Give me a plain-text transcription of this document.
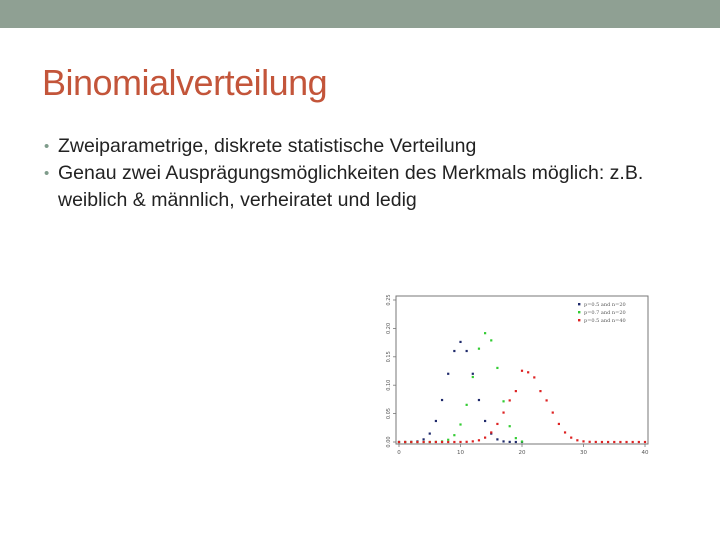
Binomialverteilung
• Zweiparametrige, diskrete statistische Verteilung
• Genau zwei Ausprägungsmöglichkeiten des Merkmals möglich: z.B. weiblich & männlich, verheiratet und ledig
0	10	20	30	40
0.00
0.05
0.10
0.15
0.20
0.25	p=0.5 and n=20
p=0.7 and n=20
p=0.5 and n=40
